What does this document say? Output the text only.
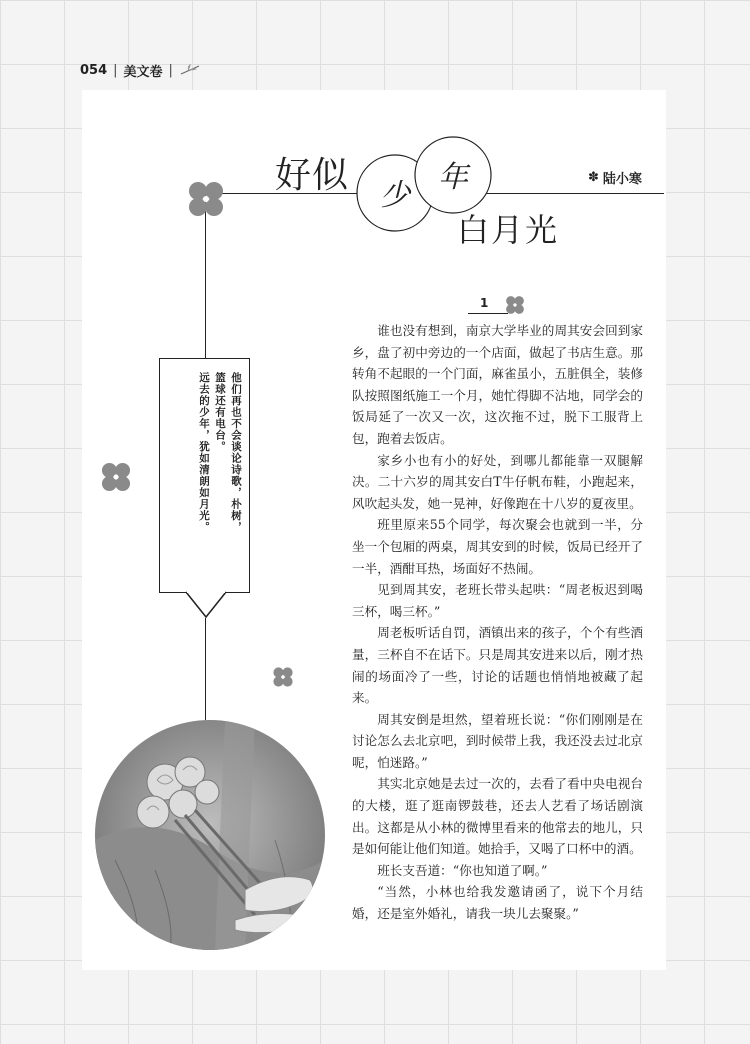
054 | 美文卷 |
好似 少
年
白月光
✽ 陆小寒
1
他们再也不会谈论诗歌，朴树，
篮球还有电台。
远去的少年，犹如清朗如月光。

谁也没有想到，南京大学毕业的周其安会回到家乡，盘了初中旁边的一个店面，做起了书店生意。那转角不起眼的一个门面，麻雀虽小，五脏俱全，装修队按照图纸施工一个月，她忙得脚不沾地，同学会的饭局延了一次又一次，这次拖不过，脱下工服背上包，跑着去饭店。

家乡小也有小的好处，到哪儿都能靠一双腿解决。二十六岁的周其安白T牛仔帆布鞋，小跑起来，风吹起头发，她一晃神，好像跑在十八岁的夏夜里。

班里原来55个同学，每次聚会也就到一半，分坐一个包厢的两桌，周其安到的时候，饭局已经开了一半，酒酣耳热，场面好不热闹。

见到周其安，老班长带头起哄：“周老板迟到喝三杯，喝三杯。”

周老板听话自罚，酒镇出来的孩子，个个有些酒量，三杯自不在话下。只是周其安进来以后，刚才热闹的场面冷了一些，讨论的话题也悄悄地被藏了起来。

周其安倒是坦然，望着班长说：“你们刚刚是在讨论怎么去北京吧，到时候带上我，我还没去过北京呢，怕迷路。”

其实北京她是去过一次的，去看了看中央电视台的大楼，逛了逛南锣鼓巷，还去人艺看了场话剧演出。这都是从小林的微博里看来的他常去的地儿，只是如何能让他们知道。她拾手，又喝了口杯中的酒。

班长支吾道：“你也知道了啊。”

“当然，小林也给我发邀请函了，说下个月结婚，还是室外婚礼，请我一块儿去聚聚。”
